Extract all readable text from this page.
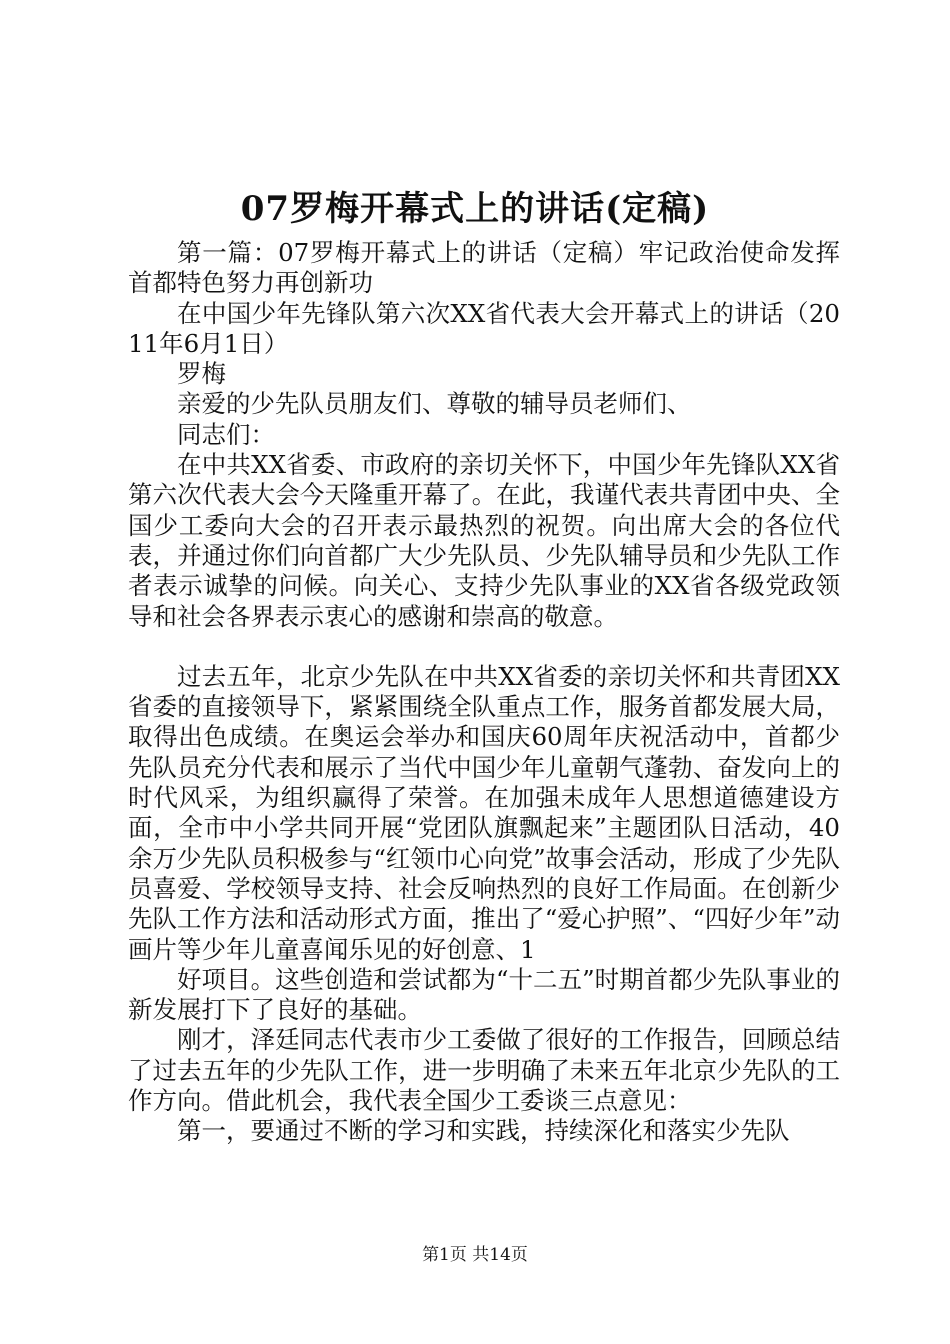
07罗梅开幕式上的讲话(定稿)

第一篇：07罗梅开幕式上的讲话（定稿）牢记政治使命发挥首都特色努力再创新功

在中国少年先锋队第六次XX省代表大会开幕式上的讲话（2011年6月1日）

罗梅

亲爱的少先队员朋友们、尊敬的辅导员老师们、

同志们：

在中共XX省委、市政府的亲切关怀下，中国少年先锋队XX省第六次代表大会今天隆重开幕了。在此，我谨代表共青团中央、全国少工委向大会的召开表示最热烈的祝贺。向出席大会的各位代表，并通过你们向首都广大少先队员、少先队辅导员和少先队工作者表示诚挚的问候。向关心、支持少先队事业的XX省各级党政领导和社会各界表示衷心的感谢和崇高的敬意。

过去五年，北京少先队在中共XX省委的亲切关怀和共青团XX省委的直接领导下，紧紧围绕全队重点工作，服务首都发展大局，取得出色成绩。在奥运会举办和国庆60周年庆祝活动中，首都少先队员充分代表和展示了当代中国少年儿童朝气蓬勃、奋发向上的时代风采，为组织赢得了荣誉。在加强未成年人思想道德建设方面，全市中小学共同开展“党团队旗飘起来”主题团队日活动，40余万少先队员积极参与“红领巾心向党”故事会活动，形成了少先队员喜爱、学校领导支持、社会反响热烈的良好工作局面。在创新少先队工作方法和活动形式方面，推出了“爱心护照”、“四好少年”动画片等少年儿童喜闻乐见的好创意、1

好项目。这些创造和尝试都为“十二五”时期首都少先队事业的新发展打下了良好的基础。

刚才，泽廷同志代表市少工委做了很好的工作报告，回顾总结了过去五年的少先队工作，进一步明确了未来五年北京少先队的工作方向。借此机会，我代表全国少工委谈三点意见：

第一，要通过不断的学习和实践，持续深化和落实少先队

第1页 共14页
